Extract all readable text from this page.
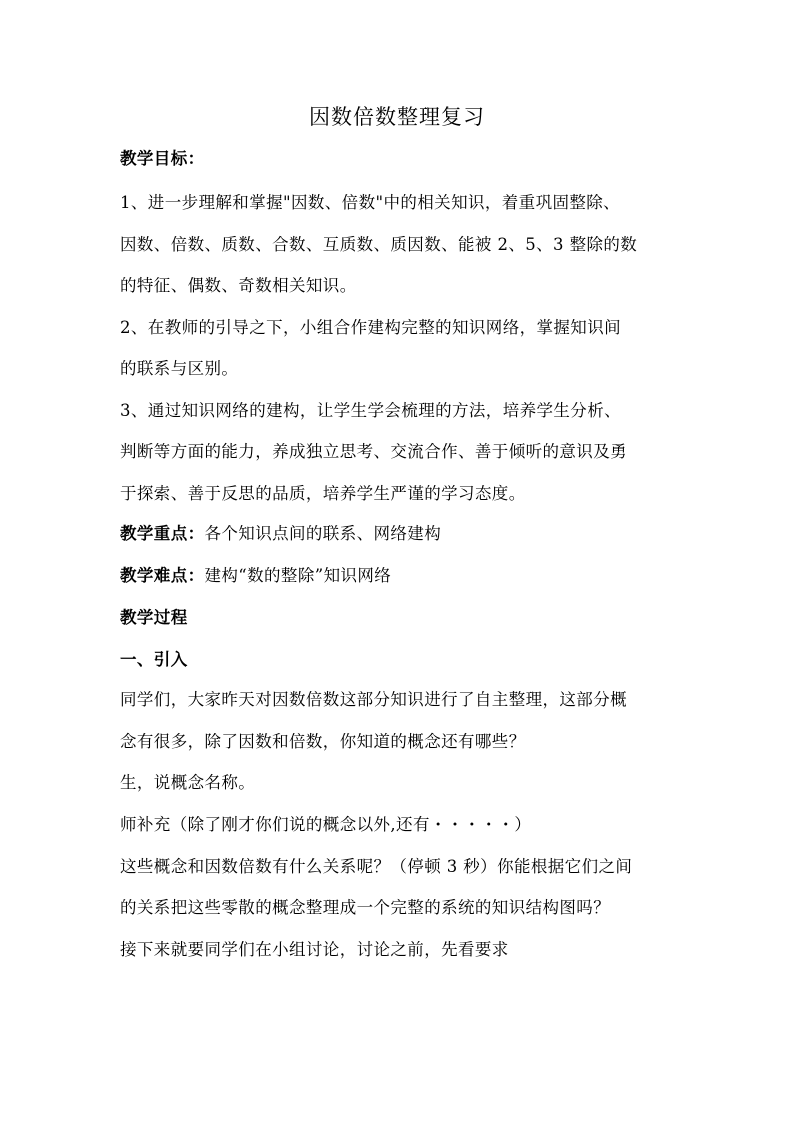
因数倍数整理复习
教学目标：
1、进一步理解和掌握"因数、倍数"中的相关知识，着重巩固整除、
因数、倍数、质数、合数、互质数、质因数、能被 2、5、3 整除的数
的特征、偶数、奇数相关知识。
2、在教师的引导之下，小组合作建构完整的知识网络，掌握知识间
的联系与区别。
3、通过知识网络的建构，让学生学会梳理的方法，培养学生分析、
判断等方面的能力，养成独立思考、交流合作、善于倾听的意识及勇
于探索、善于反思的品质，培养学生严谨的学习态度。
教学重点：各个知识点间的联系、网络建构
教学难点：建构“数的整除”知识网络
教学过程
一、引入
同学们，大家昨天对因数倍数这部分知识进行了自主整理，这部分概
念有很多，除了因数和倍数，你知道的概念还有哪些？
生，说概念名称。
师补充（除了刚才你们说的概念以外,还有・・・・・）
这些概念和因数倍数有什么关系呢？（停顿 3 秒）你能根据它们之间
的关系把这些零散的概念整理成一个完整的系统的知识结构图吗？
接下来就要同学们在小组讨论，讨论之前，先看要求
